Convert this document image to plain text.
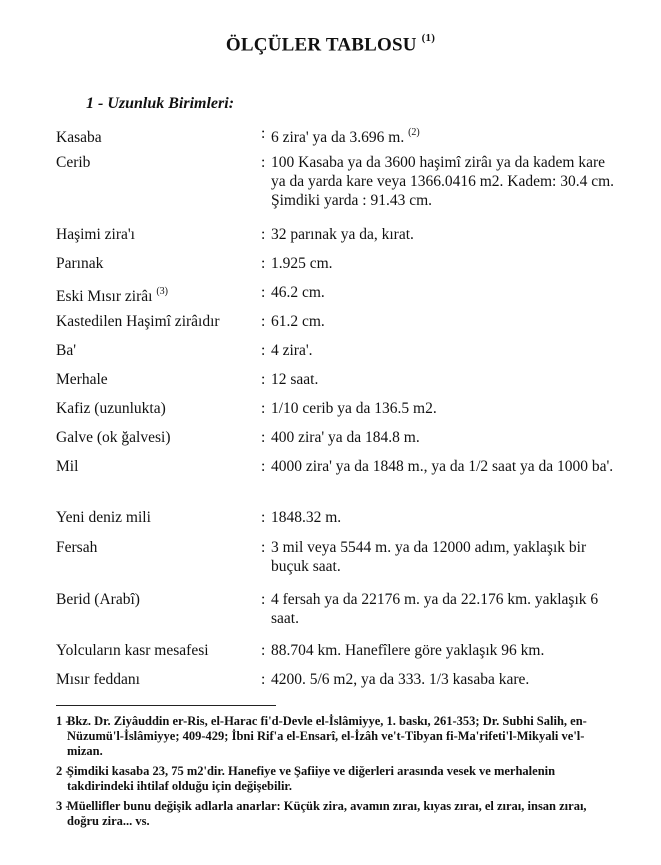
ÖLÇÜLER TABLOSU $^{(1)}$
1 - Uzunluk Birimleri:
Kasaba	: 6 zira' ya da 3.696 m. $^{(2)}$
Cerib	: 100 Kasaba ya da 3600 haşimî zirâı ya da kadem kare ya da yarda kare veya 1366.0416 m2. Kadem: 30.4 cm. Şimdiki yarda : 91.43 cm.
Haşimi zira'ı	: 32 parınak ya da, kırat.
Parınak	: 1.925 cm.
Eski Mısır zirâı $^{(3)}$	: 46.2 cm.
Kastedilen Haşimî zirâıdır	: 61.2 cm.
Ba'	: 4 zira'.
Merhale	: 12 saat.
Kafiz (uzunlukta)	: 1/10 cerib ya da 136.5 m2.
Galve (ok ğalvesi)	: 400 zira' ya da 184.8 m.
Mil	: 4000 zira' ya da 1848 m., ya da 1/2 saat ya da 1000 ba'.
Yeni deniz mili	: 1848.32 m.
Fersah	: 3 mil veya 5544 m. ya da 12000 adım, yaklaşık bir buçuk saat.
Berid (Arabî)	: 4 fersah ya da 22176 m. ya da 22.176 km. yaklaşık 6 saat.
Yolcuların kasr mesafesi	: 88.704 km. Hanefîlere göre yaklaşık 96 km.
Mısır feddanı	: 4200. 5/6 m2, ya da 333. 1/3 kasaba kare.
1 -
Bkz. Dr. Ziyâuddin er-Ris, el-Harac fi'd-Devle el-İslâmiyye, 1. baskı, 261-353; Dr. Subhi Salih, en-Nüzumü'l-İslâmiyye; 409-429; İbni Rif'a el-Ensarî, el-İzâh ve't-Tibyan fi-Ma'rifeti'l-Mikyali ve'l-mizan.
2 -
Şimdiki kasaba 23, 75 m2'dir. Hanefiye ve Şafiiye ve diğerleri arasında vesek ve merhalenin takdirindeki ihtilaf olduğu için değişebilir.
3 -
Müellifler bunu değişik adlarla anarlar: Küçük zira, avamın zıraı, kıyas zıraı, el zıraı, insan zıraı, doğru zira... vs.
